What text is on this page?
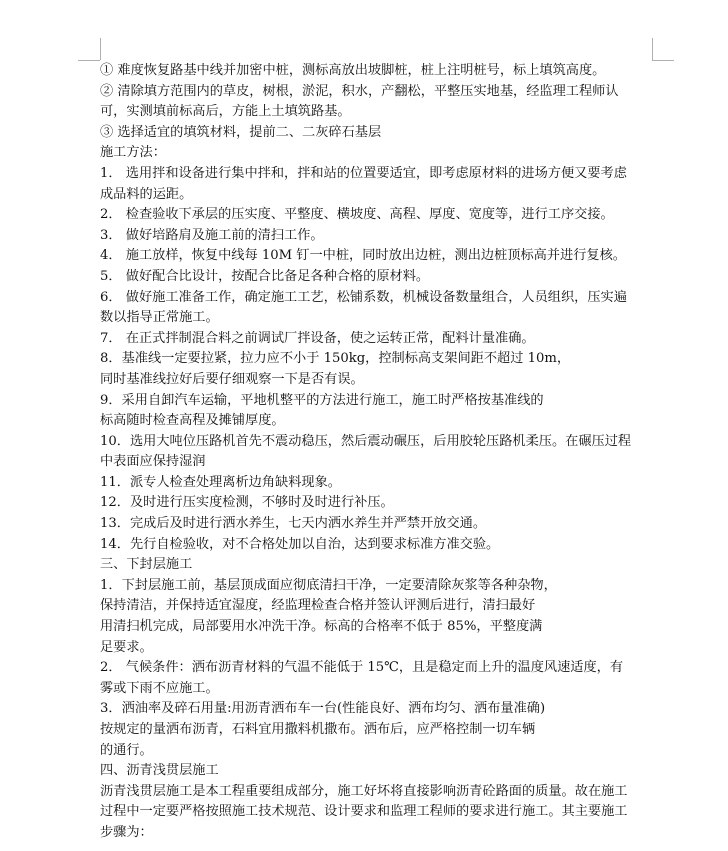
① 难度恢复路基中线并加密中桩，测标高放出坡脚桩，桩上注明桩号，标上填筑高度。
② 清除填方范围内的草皮，树根，淤泥，积水，产翻松，平整压实地基，经监理工程师认
可，实测填前标高后，方能上土填筑路基。
③ 选择适宜的填筑材料，提前二、二灰碎石基层
施工方法：
1． 选用拌和设备进行集中拌和，拌和站的位置要适宜，即考虑原材料的进场方便又要考虑
成品料的运距。
2． 检查验收下承层的压实度、平整度、横坡度、高程、厚度、宽度等，进行工序交接。
3． 做好培路肩及施工前的清扫工作。
4． 施工放样，恢复中线每 10M 钉一中桩，同时放出边桩，测出边桩顶标高并进行复核。
5． 做好配合比设计，按配合比备足各种合格的原材料。
6． 做好施工准备工作，确定施工工艺，松铺系数，机械设备数量组合，人员组织，压实遍
数以指导正常施工。
7． 在正式拌制混合料之前调试厂拌设备，使之运转正常，配料计量准确。
8．基准线一定要拉紧，拉力应不小于 150kg，控制标高支架间距不超过 10m，
同时基准线拉好后要仔细观察一下是否有误。
9．采用自卸汽车运输，平地机整平的方法进行施工，施工时严格按基准线的
标高随时检查高程及摊铺厚度。
10．选用大吨位压路机首先不震动稳压，然后震动碾压，后用胶轮压路机柔压。在碾压过程
中表面应保持湿润
11．派专人检查处理离析边角缺料现象。
12．及时进行压实度检测，不够时及时进行补压。
13．完成后及时进行洒水养生，七天内洒水养生并严禁开放交通。
14．先行自检验收，对不合格处加以自治，达到要求标准方准交验。
三、下封层施工
1．下封层施工前，基层顶成面应彻底清扫干净，一定要清除灰浆等各种杂物，
保持清洁，并保持适宜湿度，经监理检查合格并签认评测后进行，清扫最好
用清扫机完成，局部要用水冲洗干净。标高的合格率不低于 85%，平整度满
足要求。
2． 气候条件：洒布沥青材料的气温不能低于 15℃，且是稳定而上升的温度风速适度，有
雾或下雨不应施工。
3．洒油率及碎石用量:用沥青洒布车一台(性能良好、洒布均匀、洒布量准确)
按规定的量洒布沥青，石料宜用撒料机撒布。洒布后，应严格控制一切车辆
的通行。
四、沥青浅贯层施工
沥青浅贯层施工是本工程重要组成部分，施工好坏将直接影响沥青砼路面的质量。故在施工
过程中一定要严格按照施工技术规范、设计要求和监理工程师的要求进行施工。其主要施工
步骤为：
